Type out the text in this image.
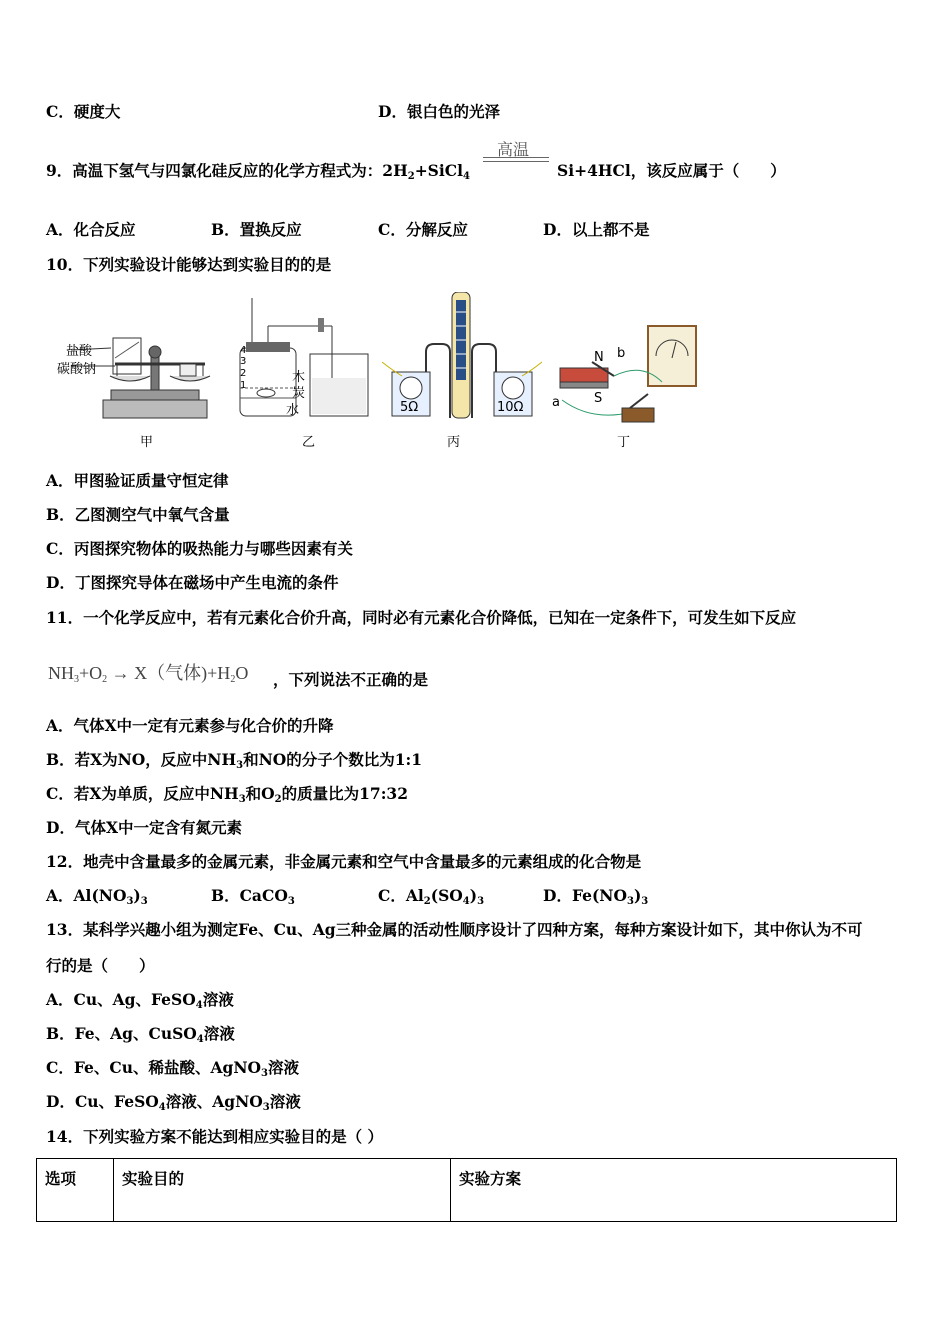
C．硬度大	D．银白色的光泽
9．高温下氢气与四氯化硅反应的化学方程式为：$2H_2+SiCl_4$
高温
Si+4HCl，该反应属于（　　）
A．化合反应	B．置换反应	C．分解反应	D．以上都不是
10．下列实验设计能够达到实验目的的是
盐酸
碳酸钠
甲
4
3
2
1
木
炭
水
乙
5Ω	10Ω
丙
N b
S
a
丁
A．甲图验证质量守恒定律
B．乙图测空气中氧气含量
C．丙图探究物体的吸热能力与哪些因素有关
D．丁图探究导体在磁场中产生电流的条件
11．一个化学反应中，若有元素化合价升高，同时必有元素化合价降低，已知在一定条件下，可发生如下反应
$NH_3+O_2 \to X$（气体)$+H_2O$ ，下列说法不正确的是
A．气体X中一定有元素参与化合价的升降
B．若X为NO，反应中$NH_3$和NO的分子个数比为1:1
C．若X为单质，反应中$NH_3$和$O_2$的质量比为17:32
D．气体X中一定含有氮元素
12．地壳中含量最多的金属元素，非金属元素和空气中含量最多的元素组成的化合物是
A．$Al(NO_3)_3$	B．CaCO$_3$	C．$Al_2(SO_4)_3$	D．$Fe(NO_3)_3$
13．某科学兴趣小组为测定Fe、Cu、Ag三种金属的活动性顺序设计了四种方案，每种方案设计如下，其中你认为不可
行的是（　　）
A．Cu、Ag、FeSO$_4$溶液
B．Fe、Ag、CuSO$_4$溶液
C．Fe、Cu、稀盐酸、AgNO$_3$溶液
D．Cu、FeSO$_4$溶液、AgNO$_3$溶液
14．下列实验方案不能达到相应实验目的是（ ）
选项	实验目的	实验方案
